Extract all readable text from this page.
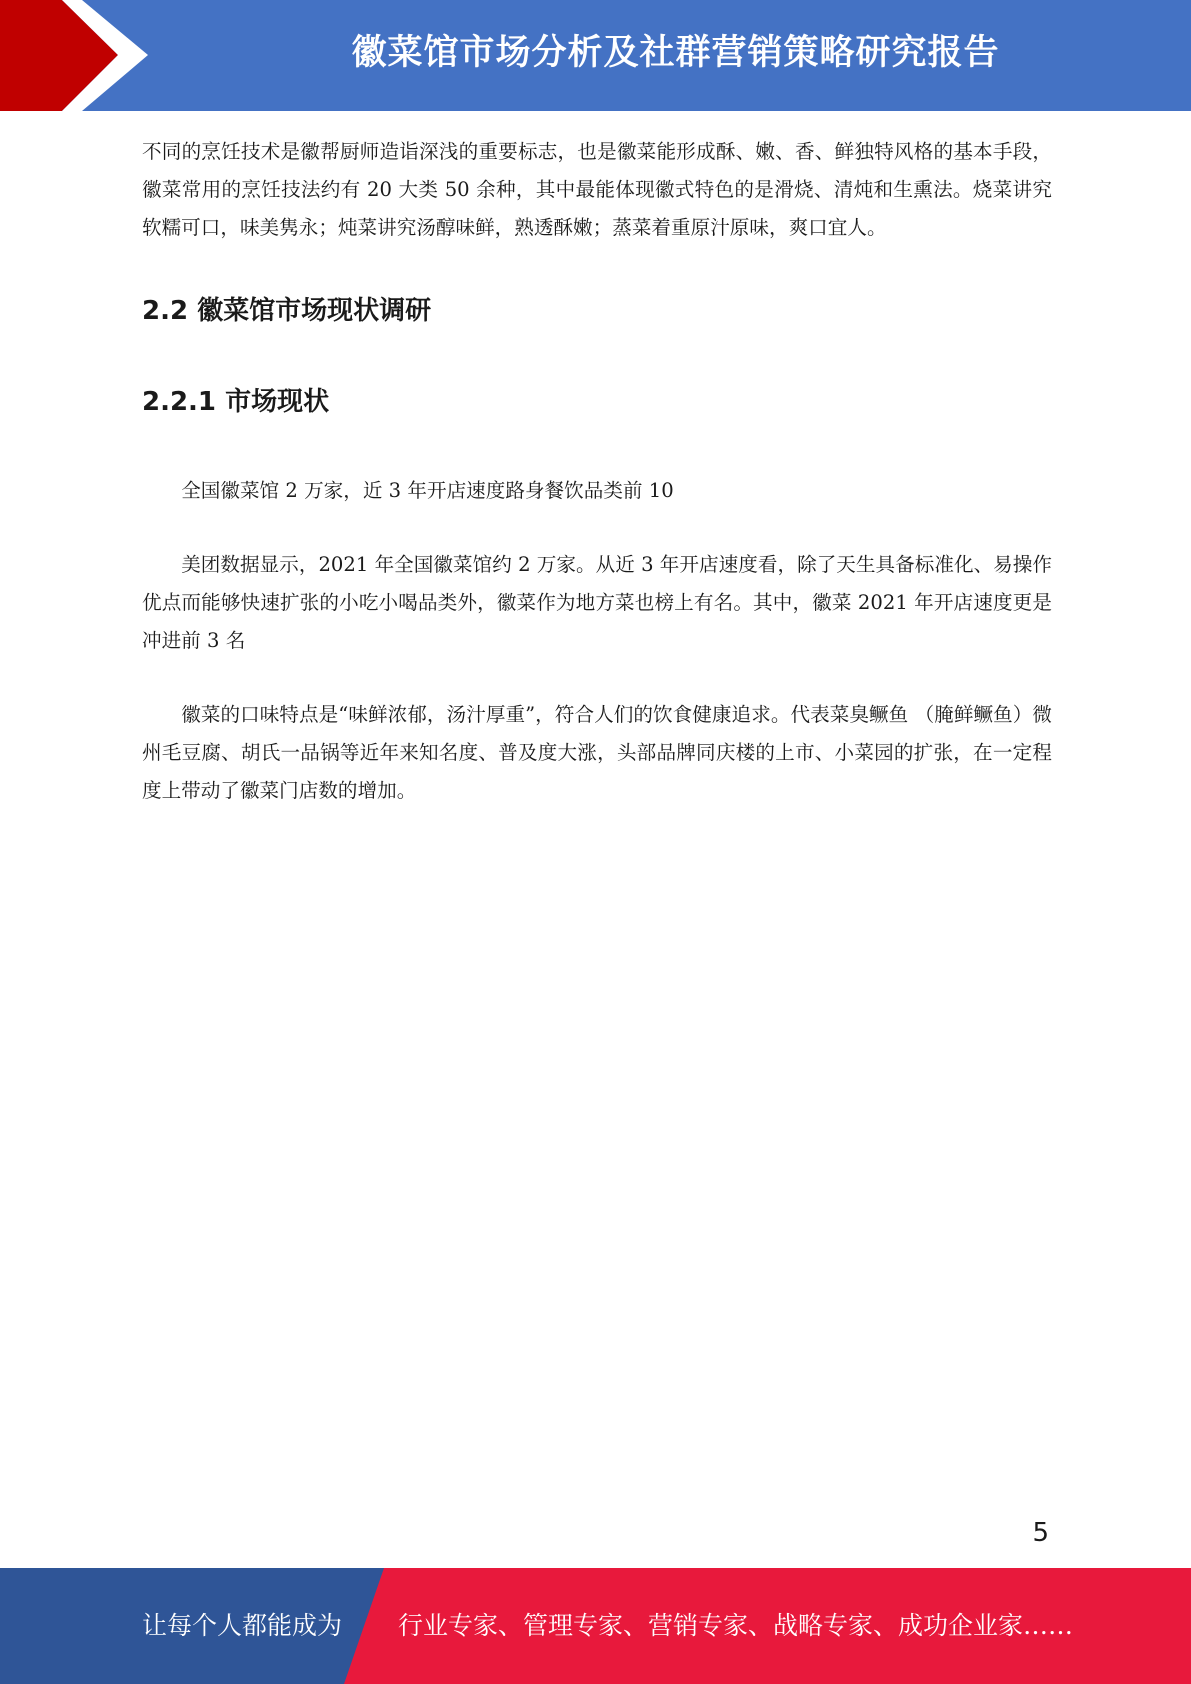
徽菜馆市场分析及社群营销策略研究报告

不同的烹饪技术是徽帮厨师造诣深浅的重要标志，也是徽菜能形成酥、嫩、香、鲜独特风格的基本手段，徽菜常用的烹饪技法约有 20 大类 50 余种，其中最能体现徽式特色的是滑烧、清炖和生熏法。烧菜讲究软糯可口，味美隽永；炖菜讲究汤醇味鲜，熟透酥嫩；蒸菜着重原汁原味，爽口宜人。

2.2 徽菜馆市场现状调研
2.2.1 市场现状

全国徽菜馆 2 万家，近 3 年开店速度路身餐饮品类前 10

美团数据显示，2021 年全国徽菜馆约 2 万家。从近 3 年开店速度看，除了天生具备标准化、易操作优点而能够快速扩张的小吃小喝品类外，徽菜作为地方菜也榜上有名。其中，徽菜 2021 年开店速度更是冲进前 3 名

徽菜的口味特点是“味鲜浓郁，汤汁厚重”，符合人们的饮食健康追求。代表菜臭鳜鱼 （腌鲜鳜鱼）微州毛豆腐、胡氏一品锅等近年来知名度、普及度大涨，头部品牌同庆楼的上市、小菜园的扩张，在一定程度上带动了徽菜门店数的增加。

5
让每个人都能成为 行业专家、管理专家、营销专家、战略专家、成功企业家……
